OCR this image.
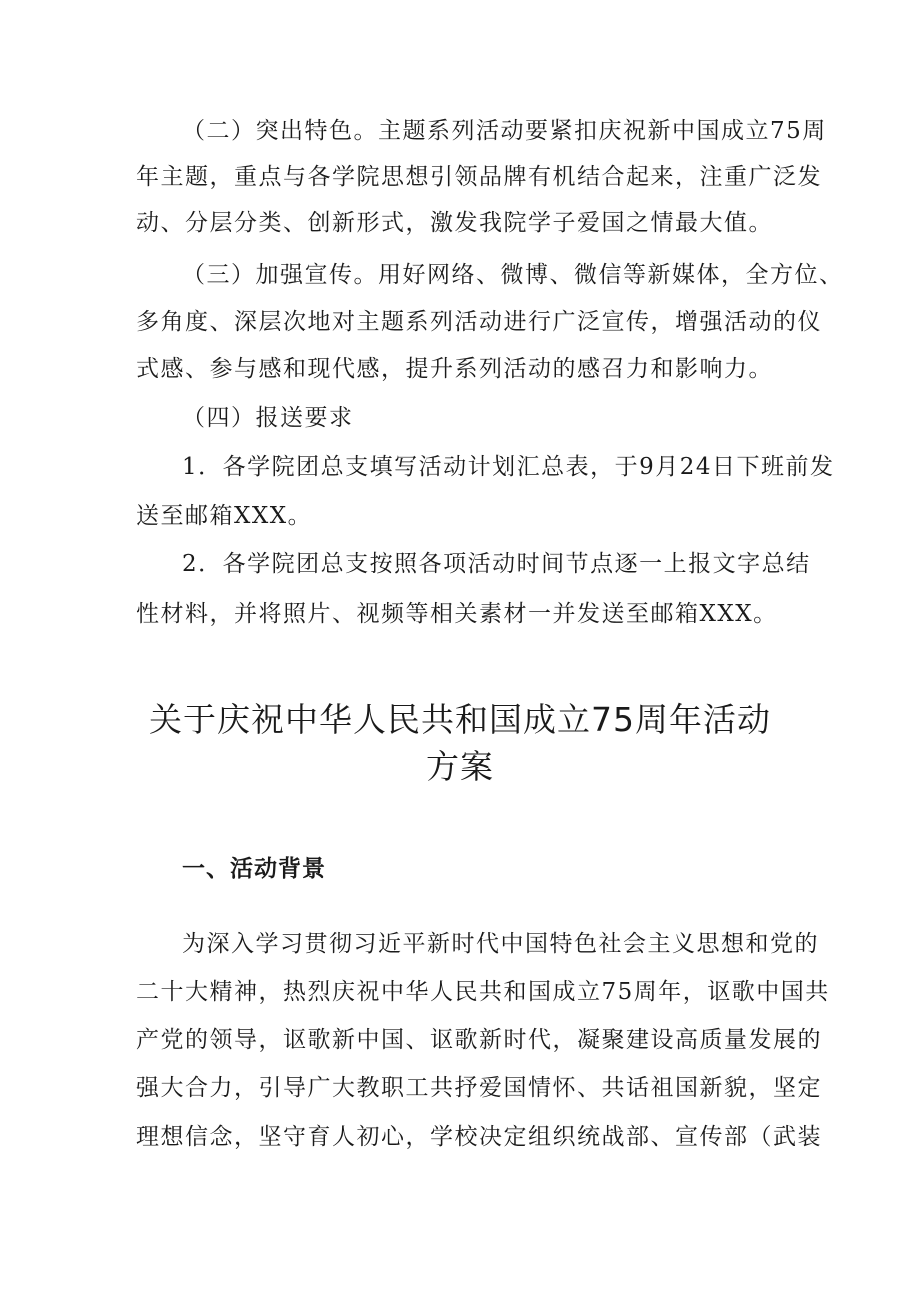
（二）突出特色。主题系列活动要紧扣庆祝新中国成立75周
年主题，重点与各学院思想引领品牌有机结合起来，注重广泛发
动、分层分类、创新形式，激发我院学子爱国之情最大值。
（三）加强宣传。用好网络、微博、微信等新媒体，全方位、
多角度、深层次地对主题系列活动进行广泛宣传，增强活动的仪
式感、参与感和现代感，提升系列活动的感召力和影响力。
（四）报送要求
1．各学院团总支填写活动计划汇总表，于9月24日下班前发
送至邮箱XXX。
2．各学院团总支按照各项活动时间节点逐一上报文字总结
性材料，并将照片、视频等相关素材一并发送至邮箱XXX。
关于庆祝中华人民共和国成立75周年活动
方案
一、活动背景
为深入学习贯彻习近平新时代中国特色社会主义思想和党的
二十大精神，热烈庆祝中华人民共和国成立75周年，讴歌中国共
产党的领导，讴歌新中国、讴歌新时代，凝聚建设高质量发展的
强大合力，引导广大教职工共抒爱国情怀、共话祖国新貌，坚定
理想信念，坚守育人初心，学校决定组织统战部、宣传部（武装
